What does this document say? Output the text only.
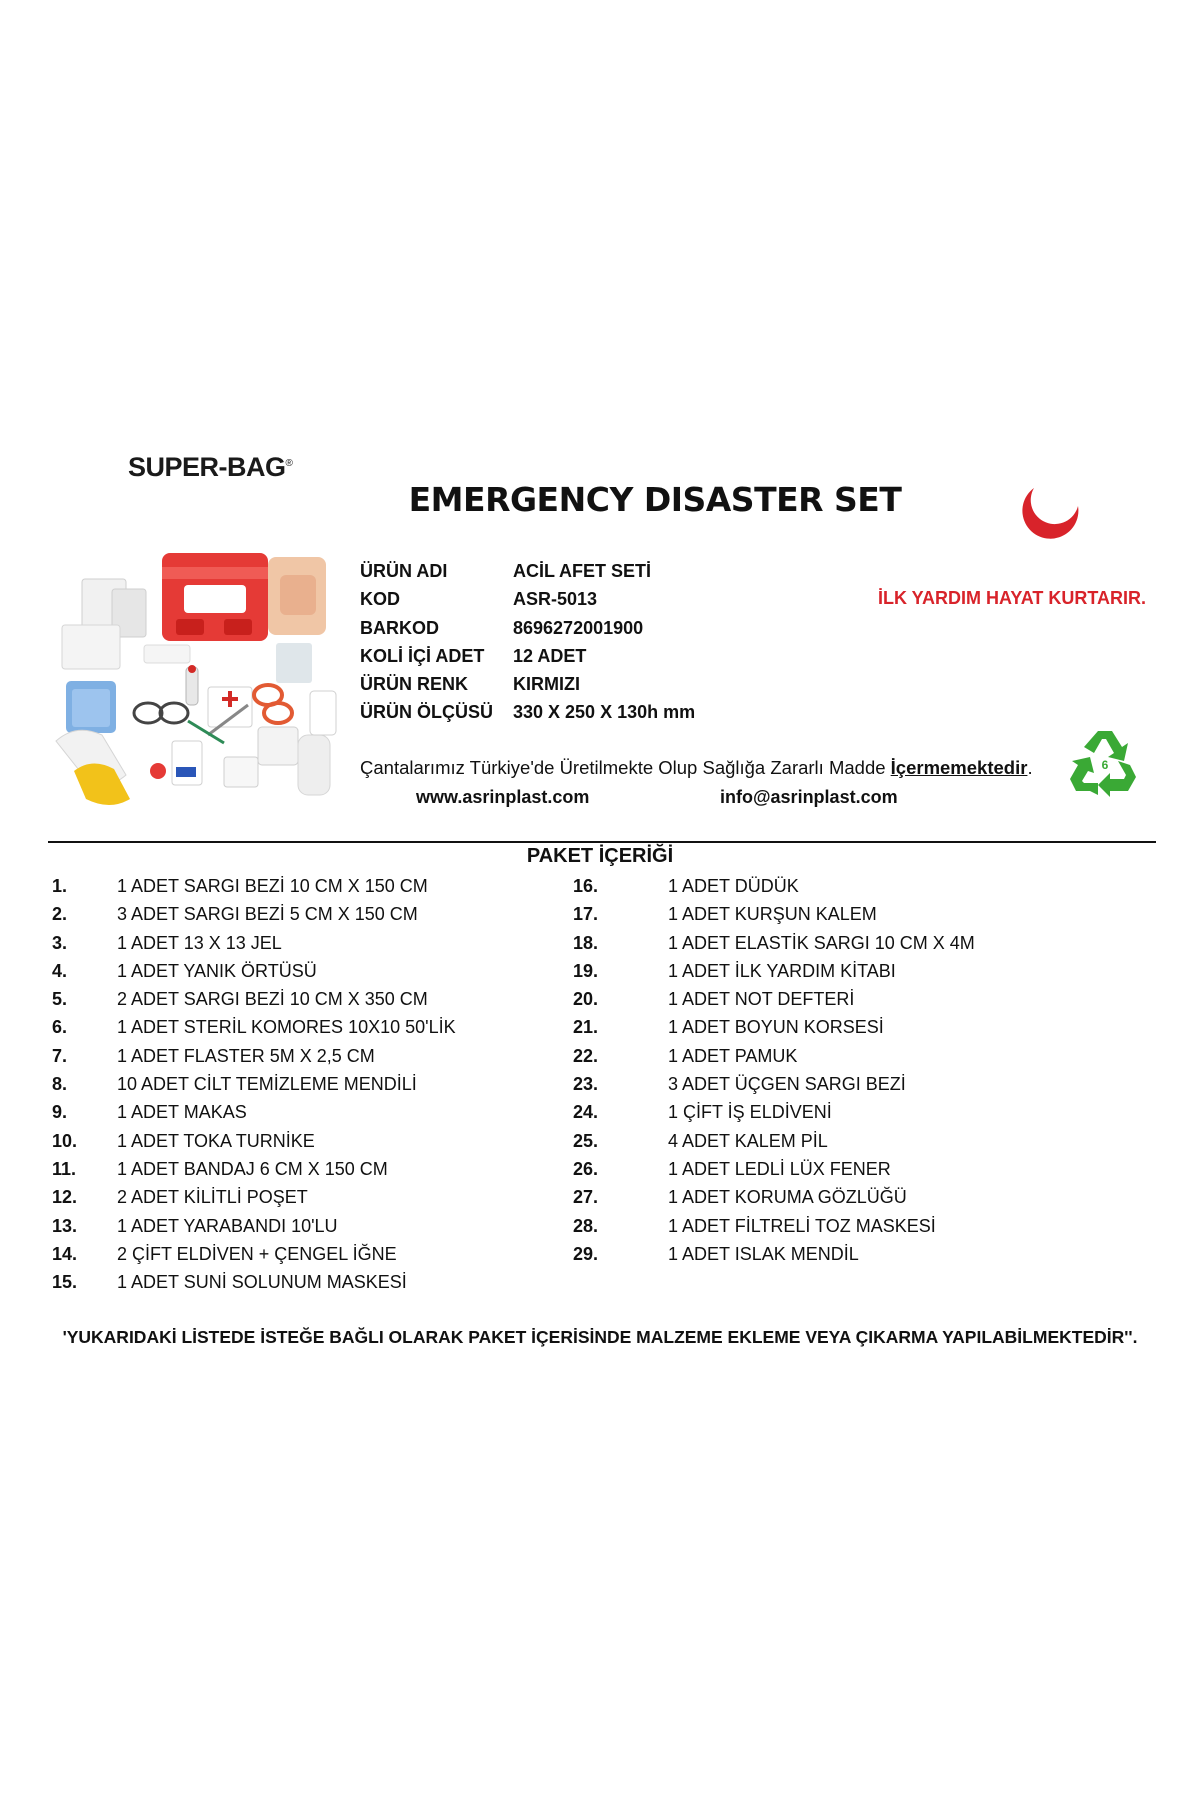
SUPER-BAG®
EMERGENCY DISASTER SET
ÜRÜN ADI	ACİL AFET SETİ
KOD	ASR-5013
BARKOD	8696272001900
KOLİ İÇİ ADET	12 ADET
ÜRÜN RENK	KIRMIZI
ÜRÜN ÖLÇÜSÜ	330 X 250 X 130h mm
İLK YARDIM HAYAT KURTARIR.
Çantalarımız Türkiye'de Üretilmekte Olup Sağlığa Zararlı Madde İçermemektedir.	6
www.asrinplast.com	info@asrinplast.com
PAKET İÇERİĞİ
1.	1 ADET SARGI BEZİ 10 CM X 150 CM
2.	3 ADET SARGI BEZİ 5 CM X 150 CM
3.	1 ADET 13 X 13 JEL
4.	1 ADET YANIK ÖRTÜSÜ
5.	2 ADET SARGI BEZİ 10 CM X 350 CM
6.	1 ADET STERİL KOMORES 10X10 50'LİK
7.	1 ADET FLASTER 5M X 2,5 CM
8.	10 ADET CİLT TEMİZLEME MENDİLİ
9.	1 ADET MAKAS
10.	1 ADET TOKA TURNİKE
11.	1 ADET BANDAJ 6 CM X 150 CM
12.	2 ADET KİLİTLİ POŞET
13.	1 ADET YARABANDI 10'LU
14.	2 ÇİFT ELDİVEN + ÇENGEL İĞNE
15.	1 ADET SUNİ SOLUNUM MASKESİ
16.	1 ADET DÜDÜK
17.	1 ADET KURŞUN KALEM
18.	1 ADET ELASTİK SARGI 10 CM X 4M
19.	1 ADET İLK YARDIM KİTABI
20.	1 ADET NOT DEFTERİ
21.	1 ADET BOYUN KORSESİ
22.	1 ADET PAMUK
23.	3 ADET ÜÇGEN SARGI BEZİ
24.	1 ÇİFT İŞ ELDİVENİ
25.	4 ADET KALEM PİL
26.	1 ADET LEDLİ LÜX FENER
27.	1 ADET KORUMA GÖZLÜĞÜ
28.	1 ADET FİLTRELİ TOZ MASKESİ
29.	1 ADET ISLAK MENDİL
'YUKARIDAKİ LİSTEDE İSTEĞE BAĞLI OLARAK PAKET İÇERİSİNDE MALZEME EKLEME VEYA ÇIKARMA YAPILABİLMEKTEDİR''.
